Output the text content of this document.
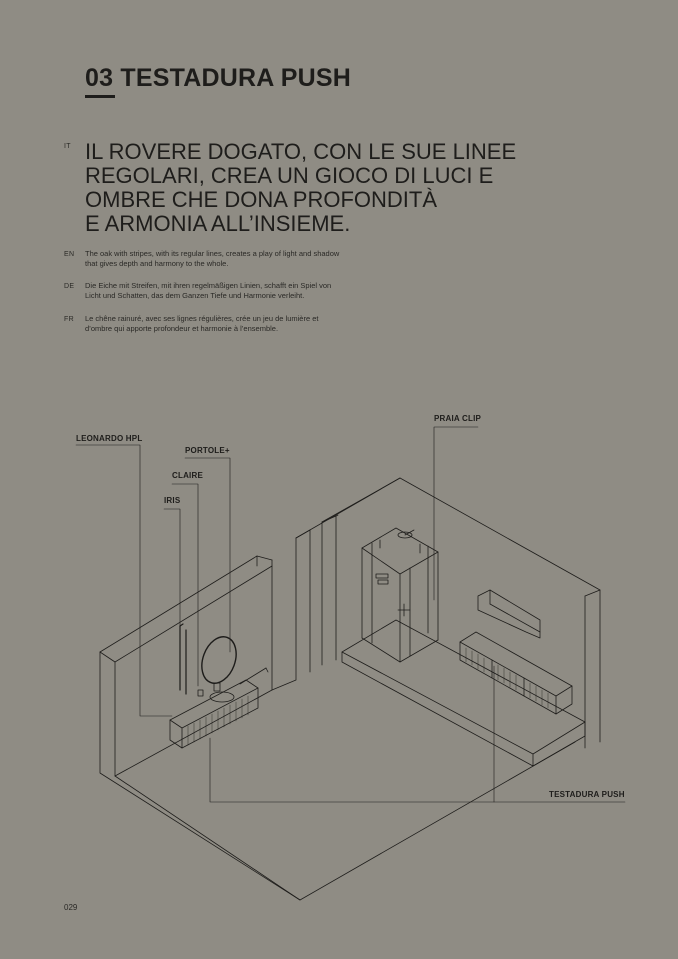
03 TESTADURA PUSH
IT IL ROVERE DOGATO, CON LE SUE LINEE
REGOLARI, CREA UN GIOCO DI LUCI E
OMBRE CHE DONA PROFONDITÀ
E ARMONIA ALL’INSIEME.

EN The oak with stripes, with its regular lines, creates a play of light and shadow
that gives depth and harmony to the whole.

DE Die Eiche mit Streifen, mit ihren regelmäßigen Linien, schafft ein Spiel von
Licht und Schatten, das dem Ganzen Tiefe und Harmonie verleiht.

FR Le chêne rainuré, avec ses lignes régulières, crée un jeu de lumière et
d’ombre qui apporte profondeur et harmonie à l’ensemble.

LEONARDO HPL
PORTOLE+
CLAIRE
IRIS
PRAIA CLIP
TESTADURA PUSH
029
